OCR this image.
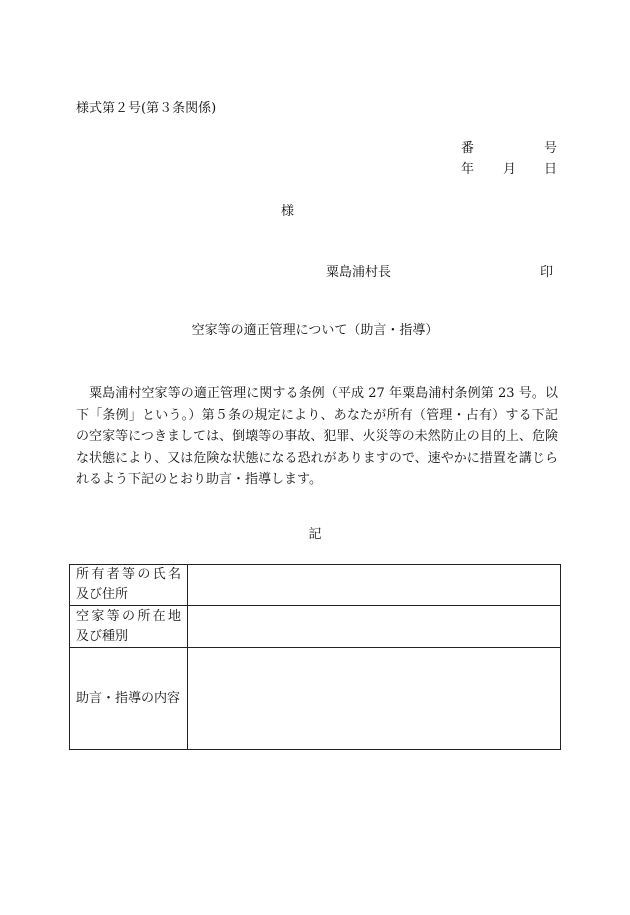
様式第２号(第３条関係)
番	号
年 月 日
様
粟島浦村長	印
空家等の適正管理について（助言・指導）

　粟島浦村空家等の適正管理に関する条例（平成 27 年粟島浦村条例第 23 号。以下「条例」という。）第５条の規定により、あなたが所有（管理・占有）する下記の空家等につきましては、倒壊等の事故、犯罪、火災等の未然防止の目的上、危険な状態により、又は危険な状態になる恐れがありますので、速やかに措置を講じられるよう下記のとおり助言・指導します。

記
所有者等の氏名
及び住所	

空家等の所在地
及び種別	

助言・指導の内容	
